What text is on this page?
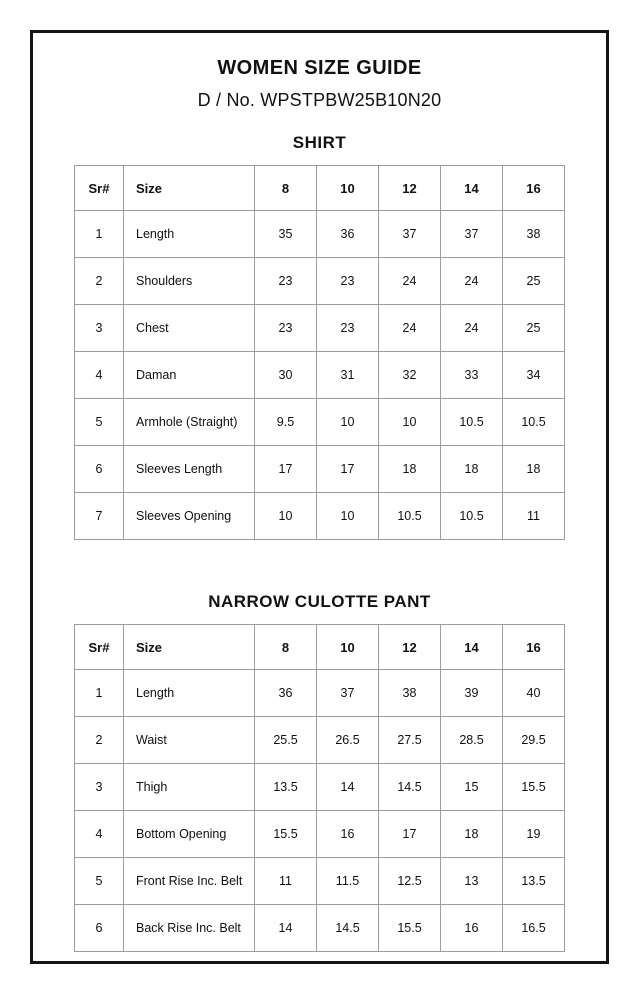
WOMEN SIZE GUIDE
D / No. WPSTPBW25B10N20
SHIRT
Sr#	Size	8	10	12	14	16
1	Length	35	36	37	37	38
2	Shoulders	23	23	24	24	25
3	Chest	23	23	24	24	25
4	Daman	30	31	32	33	34
5	Armhole (Straight)	9.5	10	10	10.5	10.5
6	Sleeves Length	17	17	18	18	18
7	Sleeves Opening	10	10	10.5	10.5	11
NARROW CULOTTE PANT
Sr#	Size	8	10	12	14	16
1	Length	36	37	38	39	40
2	Waist	25.5	26.5	27.5	28.5	29.5
3	Thigh	13.5	14	14.5	15	15.5
4	Bottom Opening	15.5	16	17	18	19
5	Front Rise Inc. Belt	11	11.5	12.5	13	13.5
6	Back Rise Inc. Belt	14	14.5	15.5	16	16.5
